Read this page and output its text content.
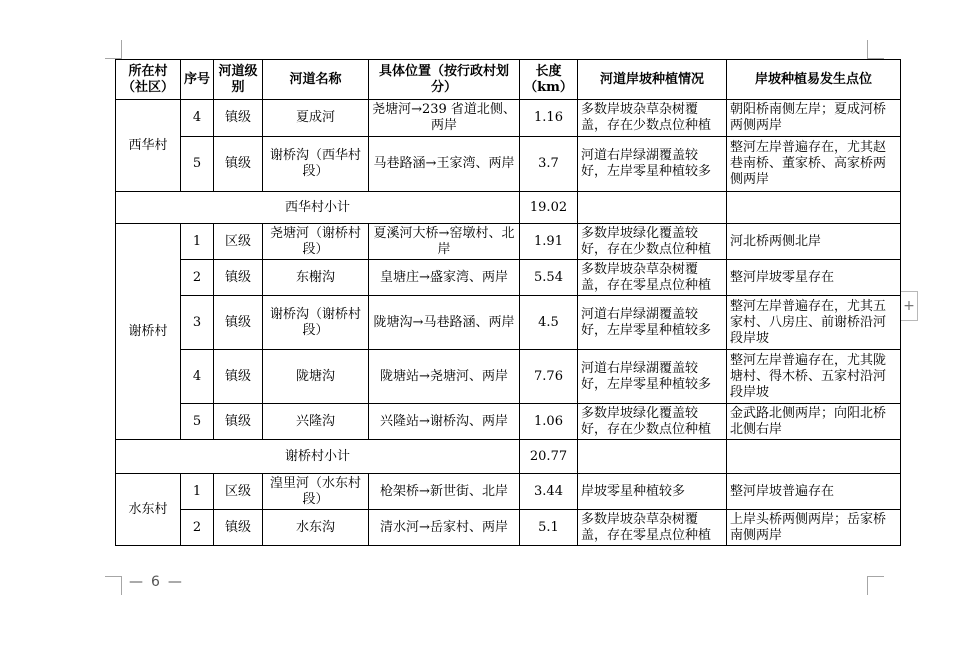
— 6 —
+
所在村（社区）	序号	河道级别	河道名称	具体位置（按行政村划分）	长度（km）	河道岸坡种植情况	岸坡种植易发生点位
西华村	4	镇级	夏成河	尧塘河→239 省道北侧、两岸	1.16	多数岸坡杂草杂树覆盖，存在少数点位种植	朝阳桥南侧左岸；夏成河桥两侧两岸
	5	镇级	谢桥沟（西华村段）	马巷路涵→王家湾、两岸	3.7	河道右岸绿湖覆盖较好，左岸零星种植较多	整河左岸普遍存在，尤其赵巷南桥、董家桥、高家桥两侧两岸
西华村小计					19.02		
谢桥村	1	区级	尧塘河（谢桥村段）	夏溪河大桥→窑墩村、北岸	1.91	多数岸坡绿化覆盖较好，存在少数点位种植	河北桥两侧北岸
	2	镇级	东榭沟	皇塘庄→盛家湾、两岸	5.54	多数岸坡杂草杂树覆盖，存在零星点位种植	整河岸坡零星存在
	3	镇级	谢桥沟（谢桥村段）	陇塘沟→马巷路涵、两岸	4.5	河道右岸绿湖覆盖较好，左岸零星种植较多	整河左岸普遍存在，尤其五家村、八房庄、前谢桥沿河段岸坡
	4	镇级	陇塘沟	陇塘站→尧塘河、两岸	7.76	河道右岸绿湖覆盖较好，左岸零星种植较多	整河左岸普遍存在，尤其陇塘村、得木桥、五家村沿河段岸坡
	5	镇级	兴隆沟	兴隆站→谢桥沟、两岸	1.06	多数岸坡绿化覆盖较好，存在少数点位种植	金武路北侧两岸；向阳北桥北侧右岸
谢桥村小计					20.77		
水东村	1	区级	湟里河（水东村段）	枪架桥→新世街、北岸	3.44	岸坡零星种植较多	整河岸坡普遍存在
	2	镇级	水东沟	清水河→岳家村、两岸	5.1	多数岸坡杂草杂树覆盖，存在零星点位种植	上岸头桥两侧两岸；岳家桥南侧两岸
